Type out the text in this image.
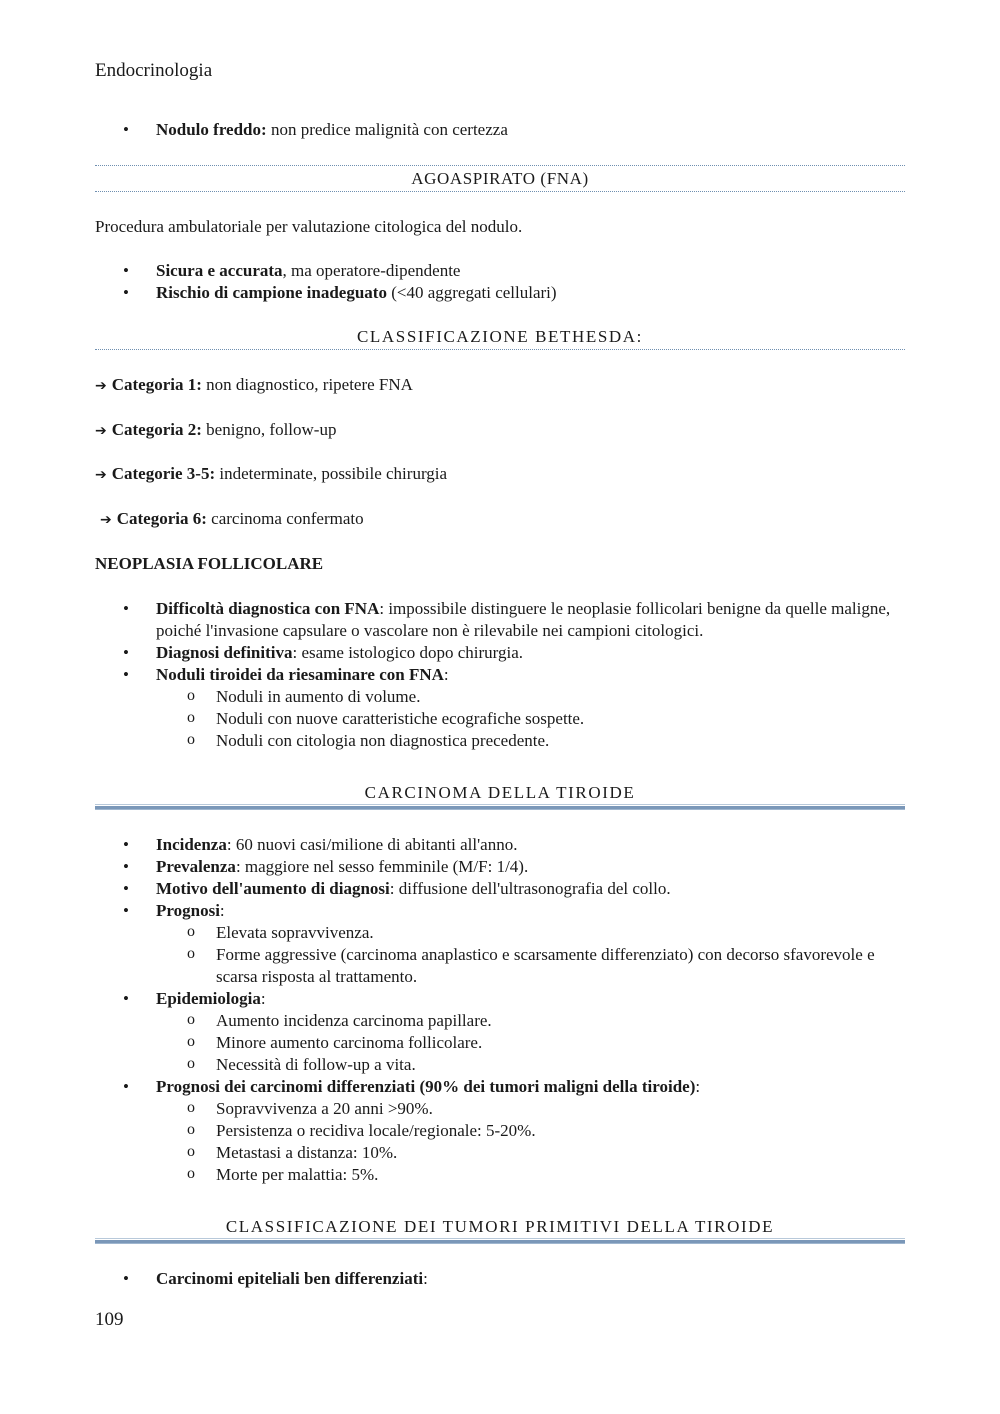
Endocrinologia
• Nodulo freddo: non predice malignità con certezza
AGOASPIRATO (FNA)
Procedura ambulatoriale per valutazione citologica del nodulo.
• Sicura e accurata, ma operatore-dipendente
• Rischio di campione inadeguato (<40 aggregati cellulari)
CLASSIFICAZIONE BETHESDA:
➔ Categoria 1: non diagnostico, ripetere FNA
➔ Categoria 2: benigno, follow-up
➔ Categorie 3-5: indeterminate, possibile chirurgia
➔ Categoria 6: carcinoma confermato
NEOPLASIA FOLLICOLARE
• Difficoltà diagnostica con FNA: impossibile distinguere le neoplasie follicolari benigne da quelle maligne, poiché l'invasione capsulare o vascolare non è rilevabile nei campioni citologici.
• Diagnosi definitiva: esame istologico dopo chirurgia.
• Noduli tiroidei da riesaminare con FNA:
o Noduli in aumento di volume.
o Noduli con nuove caratteristiche ecografiche sospette.
o Noduli con citologia non diagnostica precedente.
CARCINOMA DELLA TIROIDE
• Incidenza: 60 nuovi casi/milione di abitanti all'anno.
• Prevalenza: maggiore nel sesso femminile (M/F: 1/4).
• Motivo dell'aumento di diagnosi: diffusione dell'ultrasonografia del collo.
• Prognosi:
o Elevata sopravvivenza.
o Forme aggressive (carcinoma anaplastico e scarsamente differenziato) con decorso sfavorevole e scarsa risposta al trattamento.
• Epidemiologia:
o Aumento incidenza carcinoma papillare.
o Minore aumento carcinoma follicolare.
o Necessità di follow-up a vita.
• Prognosi dei carcinomi differenziati (90% dei tumori maligni della tiroide):
o Sopravvivenza a 20 anni >90%.
o Persistenza o recidiva locale/regionale: 5-20%.
o Metastasi a distanza: 10%.
o Morte per malattia: 5%.
CLASSIFICAZIONE DEI TUMORI PRIMITIVI DELLA TIROIDE
• Carcinomi epiteliali ben differenziati:
109
